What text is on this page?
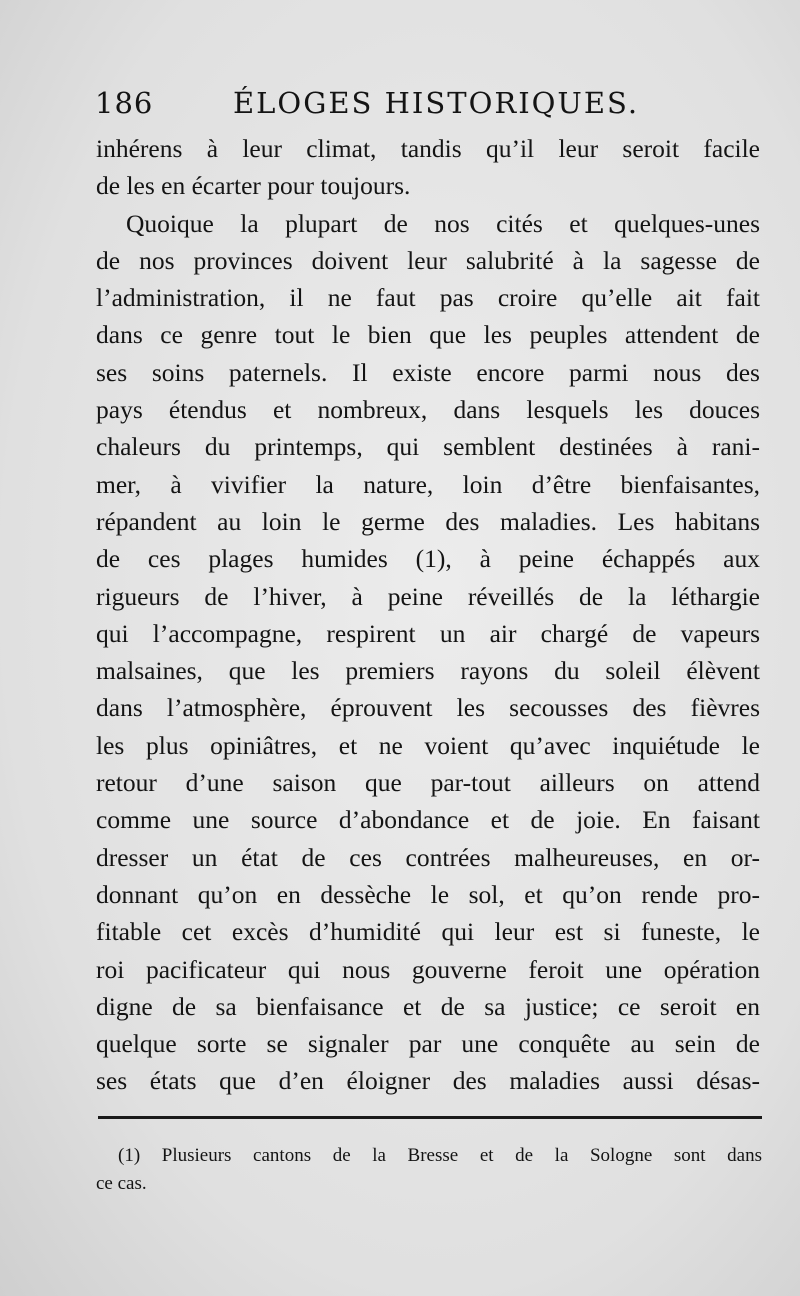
186	ÉLOGES HISTORIQUES.
inhérens à leur climat, tandis qu’il leur seroit facile
de les en écarter pour toujours.
Quoique la plupart de nos cités et quelques-unes
de nos provinces doivent leur salubrité à la sagesse de
l’administration, il ne faut pas croire qu’elle ait fait
dans ce genre tout le bien que les peuples attendent de
ses soins paternels. Il existe encore parmi nous des
pays étendus et nombreux, dans lesquels les douces
chaleurs du printemps, qui semblent destinées à rani-
mer, à vivifier la nature, loin d’être bienfaisantes,
répandent au loin le germe des maladies. Les habitans
de ces plages humides (1), à peine échappés aux
rigueurs de l’hiver, à peine réveillés de la léthargie
qui l’accompagne, respirent un air chargé de vapeurs
malsaines, que les premiers rayons du soleil élèvent
dans l’atmosphère, éprouvent les secousses des fièvres
les plus opiniâtres, et ne voient qu’avec inquiétude le
retour d’une saison que par-tout ailleurs on attend
comme une source d’abondance et de joie. En faisant
dresser un état de ces contrées malheureuses, en or-
donnant qu’on en dessèche le sol, et qu’on rende pro-
fitable cet excès d’humidité qui leur est si funeste, le
roi pacificateur qui nous gouverne feroit une opération
digne de sa bienfaisance et de sa justice; ce seroit en
quelque sorte se signaler par une conquête au sein de
ses états que d’en éloigner des maladies aussi désas-
(1) Plusieurs cantons de la Bresse et de la Sologne sont dans
ce cas.
